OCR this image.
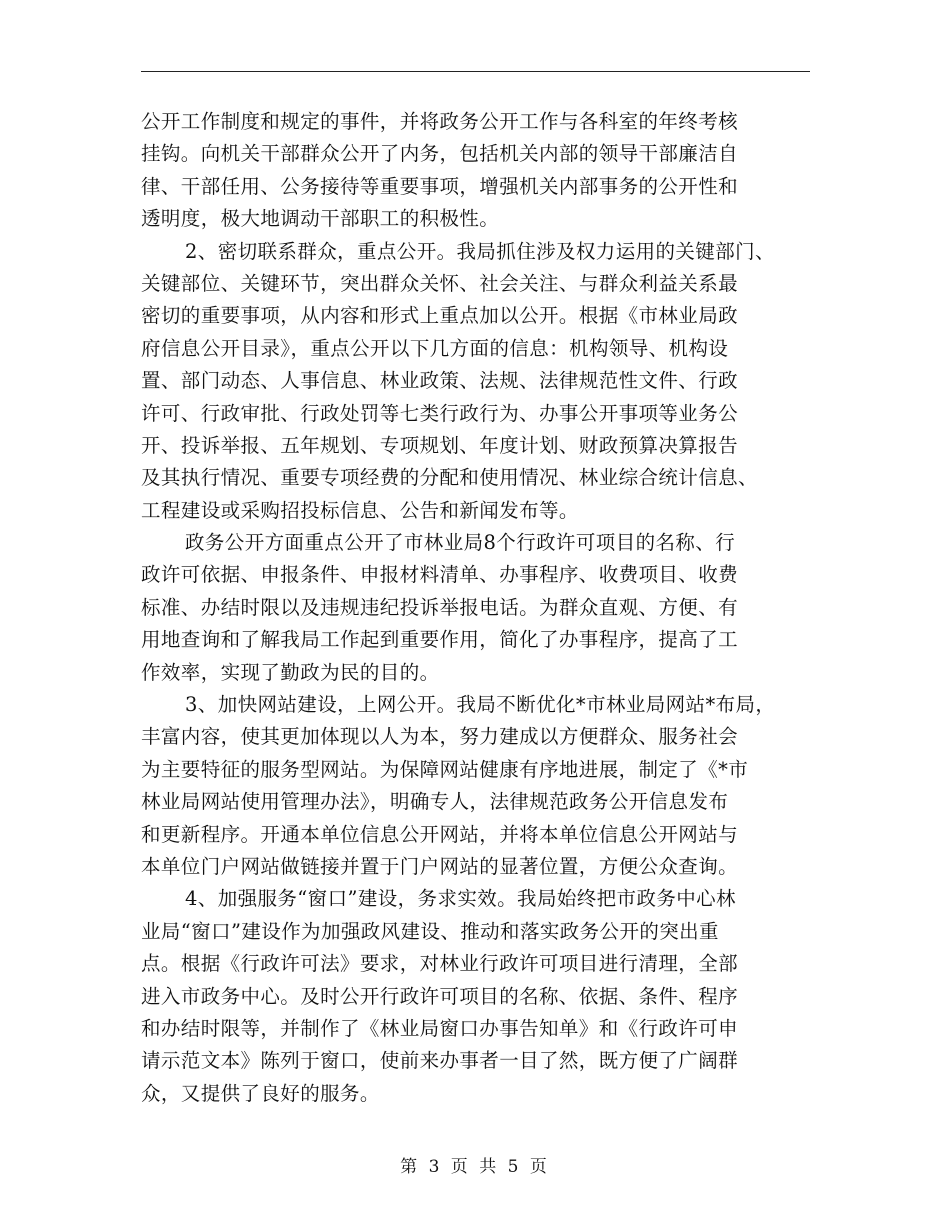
公开工作制度和规定的事件，并将政务公开工作与各科室的年终考核
挂钩。向机关干部群众公开了内务，包括机关内部的领导干部廉洁自
律、干部任用、公务接待等重要事项，增强机关内部事务的公开性和
透明度，极大地调动干部职工的积极性。
2、密切联系群众，重点公开。我局抓住涉及权力运用的关键部门、
关键部位、关键环节，突出群众关怀、社会关注、与群众利益关系最
密切的重要事项，从内容和形式上重点加以公开。根据《市林业局政
府信息公开目录》，重点公开以下几方面的信息：机构领导、机构设
置、部门动态、人事信息、林业政策、法规、法律规范性文件、行政
许可、行政审批、行政处罚等七类行政行为、办事公开事项等业务公
开、投诉举报、五年规划、专项规划、年度计划、财政预算决算报告
及其执行情况、重要专项经费的分配和使用情况、林业综合统计信息、
工程建设或采购招投标信息、公告和新闻发布等。
政务公开方面重点公开了市林业局8个行政许可项目的名称、行
政许可依据、申报条件、申报材料清单、办事程序、收费项目、收费
标准、办结时限以及违规违纪投诉举报电话。为群众直观、方便、有
用地查询和了解我局工作起到重要作用，简化了办事程序，提高了工
作效率，实现了勤政为民的目的。
3、加快网站建设，上网公开。我局不断优化*市林业局网站*布局，
丰富内容，使其更加体现以人为本，努力建成以方便群众、服务社会
为主要特征的服务型网站。为保障网站健康有序地进展，制定了《*市
林业局网站使用管理办法》，明确专人，法律规范政务公开信息发布
和更新程序。开通本单位信息公开网站，并将本单位信息公开网站与
本单位门户网站做链接并置于门户网站的显著位置，方便公众查询。
4、加强服务“窗口”建设，务求实效。我局始终把市政务中心林
业局“窗口”建设作为加强政风建设、推动和落实政务公开的突出重
点。根据《行政许可法》要求，对林业行政许可项目进行清理，全部
进入市政务中心。及时公开行政许可项目的名称、依据、条件、程序
和办结时限等，并制作了《林业局窗口办事告知单》和《行政许可申
请示范文本》陈列于窗口，使前来办事者一目了然，既方便了广阔群
众，又提供了良好的服务。
第 3 页 共 5 页
